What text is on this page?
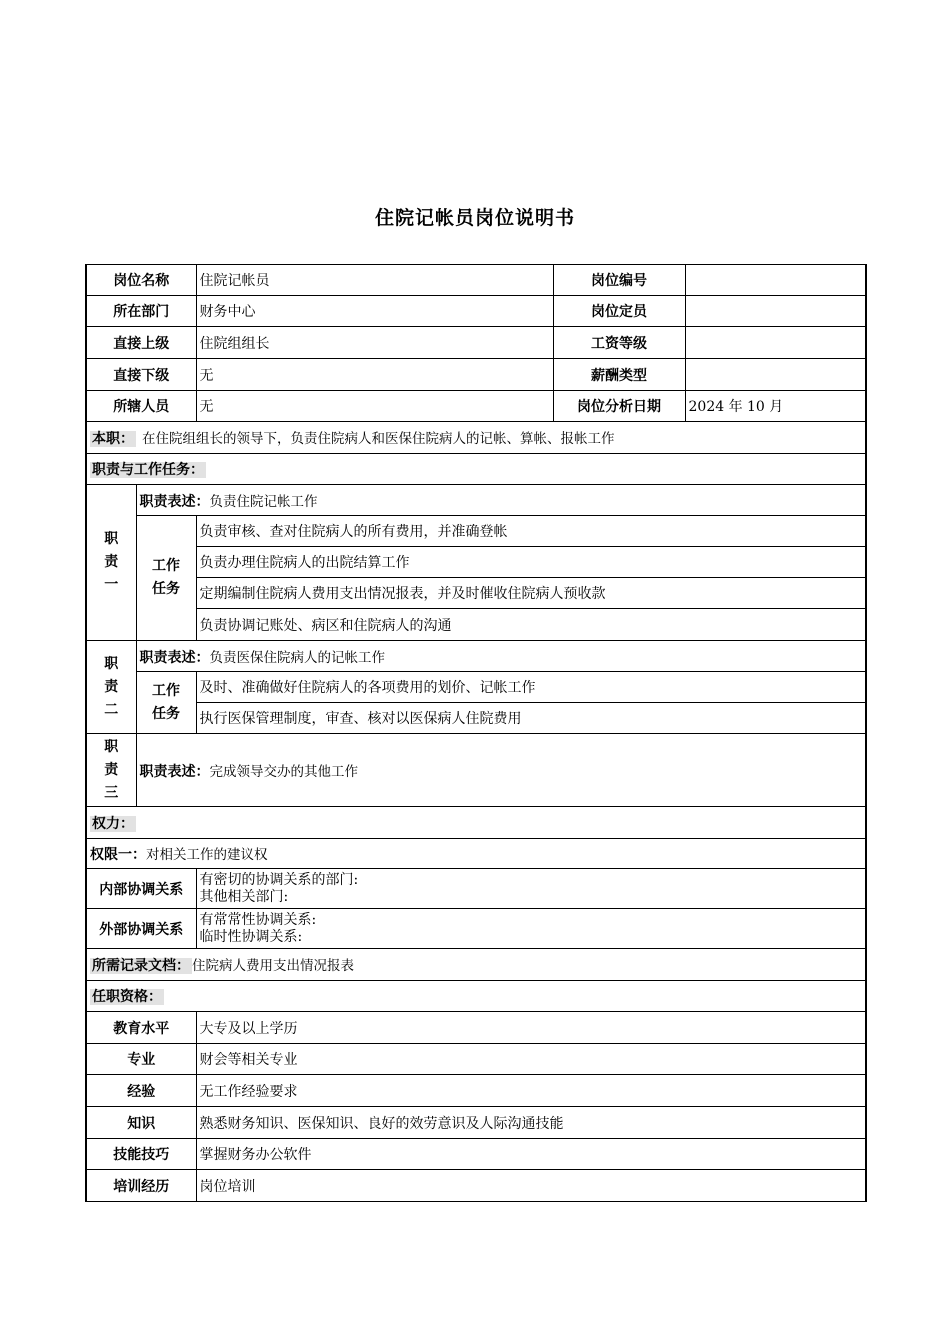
住院记帐员岗位说明书
岗位名称		住院记帐员	岗位编号	
所在部门		财务中心	岗位定员	
直接上级		住院组组长	工资等级	
直接下级		无	薪酬类型	
所辖人员		无	岗位分析日期	2024 年 10 月
本职： 在住院组组长的领导下，负责住院病人和医保住院病人的记帐、算帐、报帐工作				
职责与工作任务：				
职
责
一	职责表述：负责住院记帐工作			
	工作
任务	负责审核、查对住院病人的所有费用，并准确登帐		
		负责办理住院病人的出院结算工作		
		定期编制住院病人费用支出情况报表，并及时催收住院病人预收款		
		负责协调记账处、病区和住院病人的沟通		
职
责
二	职责表述：负责医保住院病人的记帐工作			
	工作
任务	及时、准确做好住院病人的各项费用的划价、记帐工作		
		执行医保管理制度，审查、核对以医保病人住院费用		
职
责
三	职责表述：完成领导交办的其他工作			
权力：				
权限一：对相关工作的建议权				
内部协调关系		有密切的协调关系的部门:
其他相关部门:		

外部协调关系		有常常性协调关系:
临时性协调关系:		

所需记录文档： 住院病人费用支出情况报表				
任职资格：				
教育水平		大专及以上学历		
专业		财会等相关专业		
经验		无工作经验要求		
知识		熟悉财务知识、医保知识、良好的效劳意识及人际沟通技能		
技能技巧		掌握财务办公软件		
培训经历		岗位培训		
